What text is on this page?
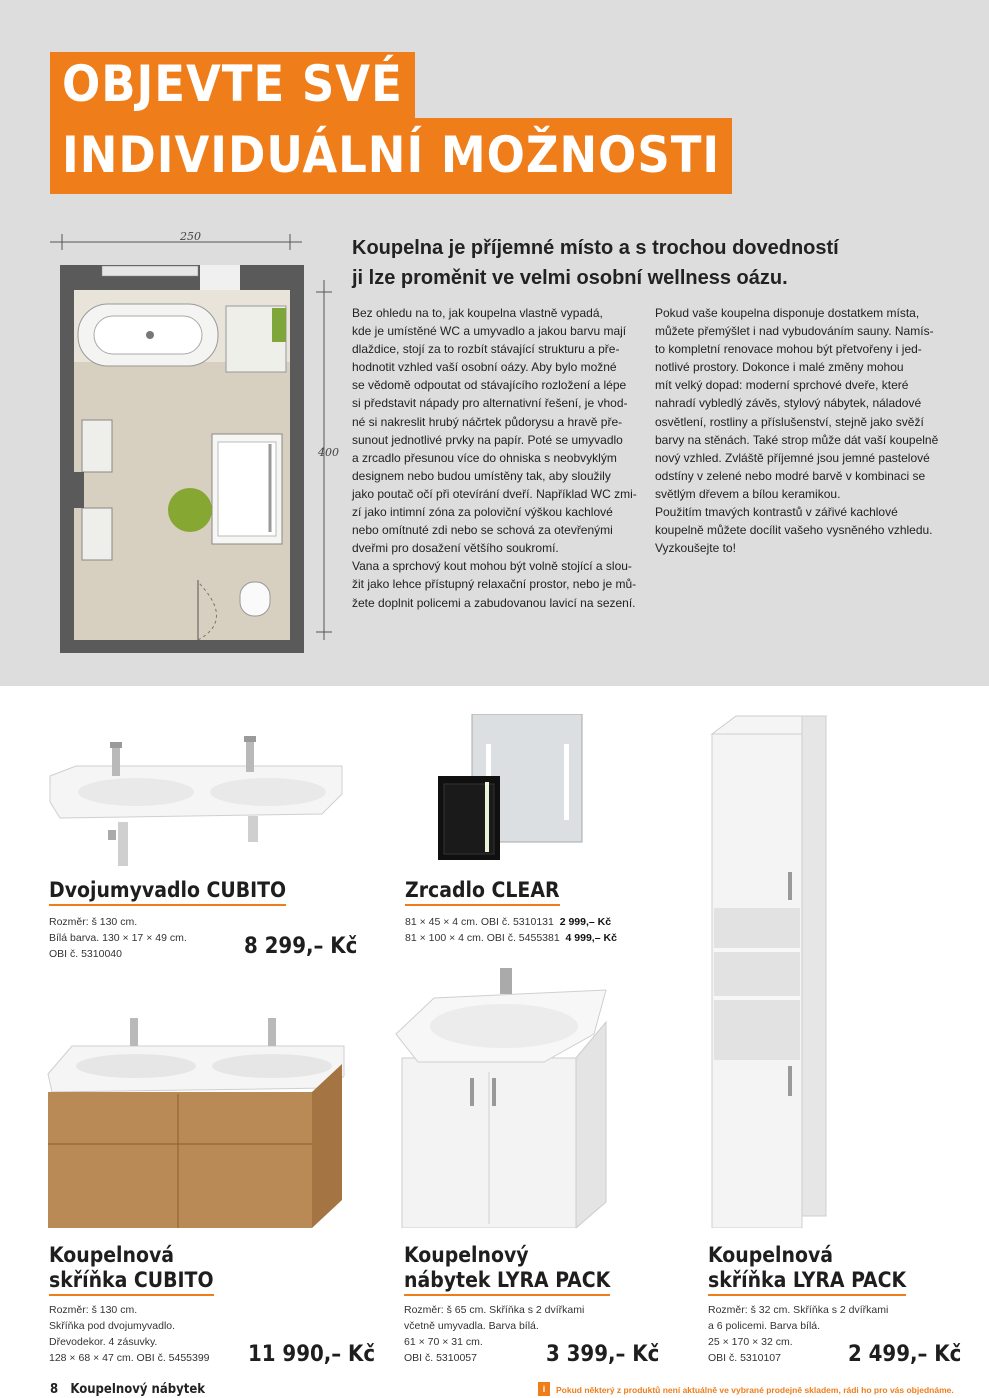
OBJEVTE SVÉ
INDIVIDUÁLNÍ MOŽNOSTI
250
400
Koupelna je příjemné místo a s trochou dovedností
ji lze proměnit ve velmi osobní wellness oázu.

Bez ohledu na to, jak koupelna vlastně vypadá,

kde je umístěné WC a umyvadlo a jakou barvu mají

dlaždice, stojí za to rozbít stávající strukturu a pře-

hodnotit vzhled vaší osobní oázy. Aby bylo možné

se vědomě odpoutat od stávajícího rozložení a lépe

si představit nápady pro alternativní řešení, je vhod-

né si nakreslit hrubý náčrtek půdorysu a hravě pře-

sunout jednotlivé prvky na papír. Poté se umyvadlo

a zrcadlo přesunou více do ohniska s neobvyklým

designem nebo budou umístěny tak, aby sloužily

jako poutač očí při otevírání dveří. Například WC zmi-

zí jako intimní zóna za poloviční výškou kachlové

nebo omítnuté zdi nebo se schová za otevřenými

dveřmi pro dosažení většího soukromí.

Vana a sprchový kout mohou být volně stojící a slou-

žit jako lehce přístupný relaxační prostor, nebo je mů-

žete doplnit policemi a zabudovanou lavicí na sezení.

Pokud vaše koupelna disponuje dostatkem místa,

můžete přemýšlet i nad vybudováním sauny. Namís-

to kompletní renovace mohou být přetvořeny i jed-

notlivé prostory. Dokonce i malé změny mohou

mít velký dopad: moderní sprchové dveře, které

nahradí vybledlý závěs, stylový nábytek, náladové

osvětlení, rostliny a příslušenství, stejně jako svěží

barvy na stěnách. Také strop může dát vaší koupelně

nový vzhled. Zvláště příjemné jsou jemné pastelové

odstíny v zelené nebo modré barvě v kombinaci se

světlým dřevem a bílou keramikou.

Použitím tmavých kontrastů v zářivé kachlové

koupelně můžete docílit vašeho vysněného vzhledu.

Vyzkoušejte to!

Dvojumyvadlo CUBITO

Rozměr: š 130 cm.

Bílá barva. 130 × 17 × 49 cm.

OBI č. 5310040	8 299,– Kč
Zrcadlo CLEAR

81 × 45 × 4 cm. OBI č. 5310131 2 999,– Kč

81 × 100 × 4 cm. OBI č. 5455381 4 999,– Kč

Koupelnová
skříňka CUBITO

Rozměr: š 130 cm.

Skříňka pod dvojumyvadlo.

Dřevodekor. 4 zásuvky.

128 × 68 × 47 cm. OBI č. 5455399 11 990,– Kč
Koupelnový
nábytek LYRA PACK

Rozměr: š 65 cm. Skříňka s 2 dvířkami

včetně umyvadla. Barva bílá.

61 × 70 × 31 cm.

OBI č. 5310057	3 399,– Kč
Koupelnová
skříňka LYRA PACK

Rozměr: š 32 cm. Skříňka s 2 dvířkami

a 6 policemi. Barva bílá.

25 × 170 × 32 cm.

OBI č. 5310107	2 499,– Kč
8 Koupelnový nábytek	i Pokud některý z produktů není aktuálně ve vybrané prodejně skladem, rádi ho pro vás objednáme.
